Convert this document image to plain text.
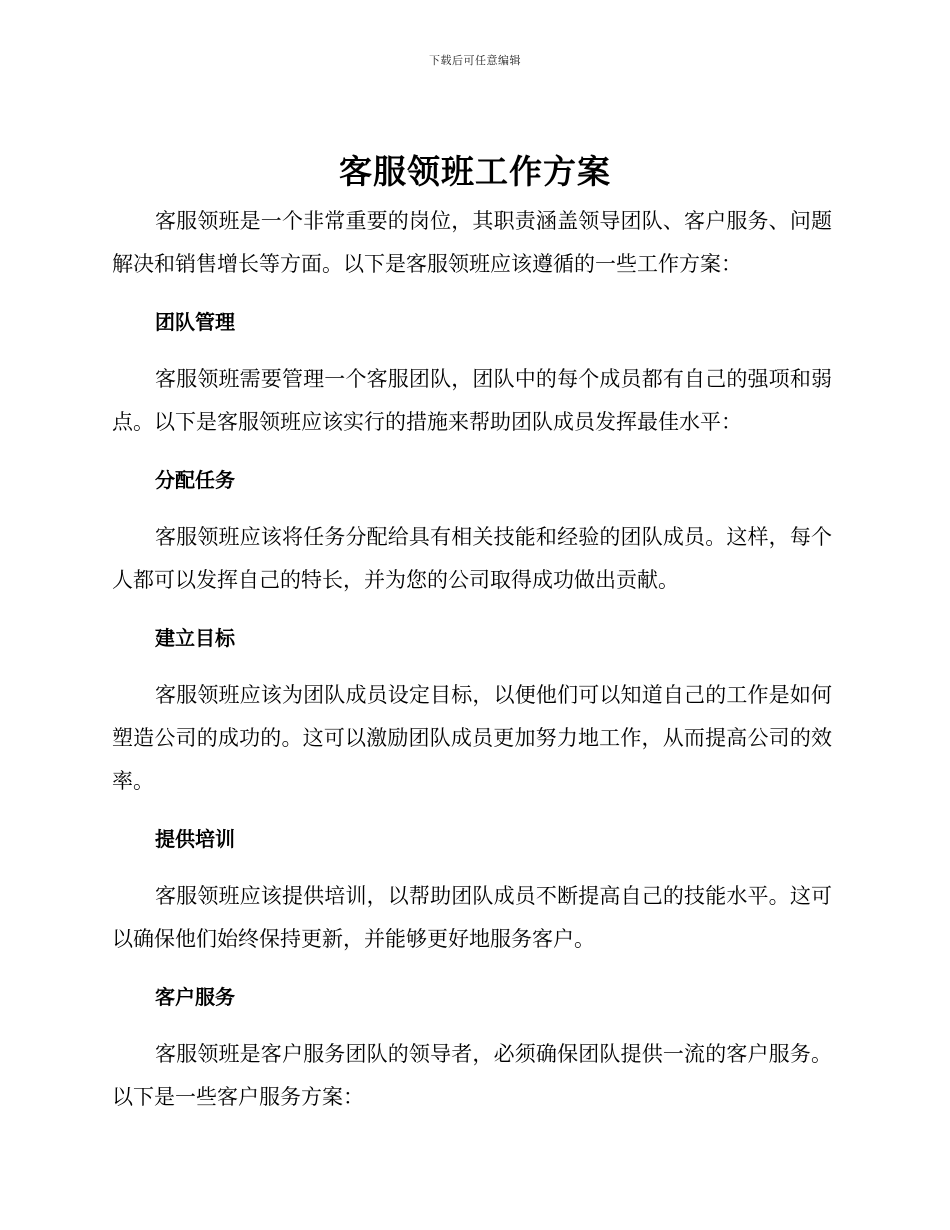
下载后可任意编辑
客服领班工作方案

客服领班是一个非常重要的岗位，其职责涵盖领导团队、客户服务、问题解决和销售增长等方面。以下是客服领班应该遵循的一些工作方案：

团队管理

客服领班需要管理一个客服团队，团队中的每个成员都有自己的强项和弱点。以下是客服领班应该实行的措施来帮助团队成员发挥最佳水平：

分配任务

客服领班应该将任务分配给具有相关技能和经验的团队成员。这样，每个人都可以发挥自己的特长，并为您的公司取得成功做出贡献。

建立目标

客服领班应该为团队成员设定目标，以便他们可以知道自己的工作是如何塑造公司的成功的。这可以激励团队成员更加努力地工作，从而提高公司的效率。

提供培训

客服领班应该提供培训，以帮助团队成员不断提高自己的技能水平。这可以确保他们始终保持更新，并能够更好地服务客户。

客户服务

客服领班是客户服务团队的领导者，必须确保团队提供一流的客户服务。以下是一些客户服务方案：
